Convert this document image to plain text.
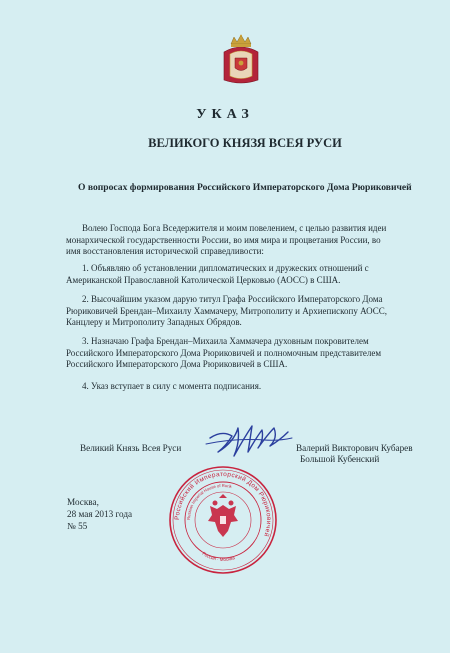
УКАЗ
ВЕЛИКОГО КНЯЗЯ ВСЕЯ РУСИ
О вопросах формирования Российского Императорского Дома Рюриковичей

Волею Господа Бога Вседержителя и моим повелением, с целью развития идеи монархической государственности России, во имя мира и процветания России, во имя восстановления исторической справедливости:

1. Объявляю об установлении дипломатических и дружеских отношений с Американской Православной Католической Церковью (АОСС) в США.

2. Высочайшим указом дарую титул Графа Российского Императорского Дома Рюриковичей Брендан–Михаилу Хаммачеру, Митрополиту и Архиепископу АОСС, Канцлеру и Митрополиту Западных Обрядов.

3. Назначаю Графа Брендан–Михаила Хаммачера духовным покровителем Российского Императорского Дома Рюриковичей и полномочным представителем Российского Императорского Дома Рюриковичей в США.

4. Указ вступает в силу с момента подписания.

Великий Князь Всея Руси	Валерий Викторович Кубарев
Большой Кубенский
Москва,
28 мая 2013 года
№ 55
Российский Императорский Дом Рюриковичей
Russian Imperial House of Rurik
Россия · Москва
